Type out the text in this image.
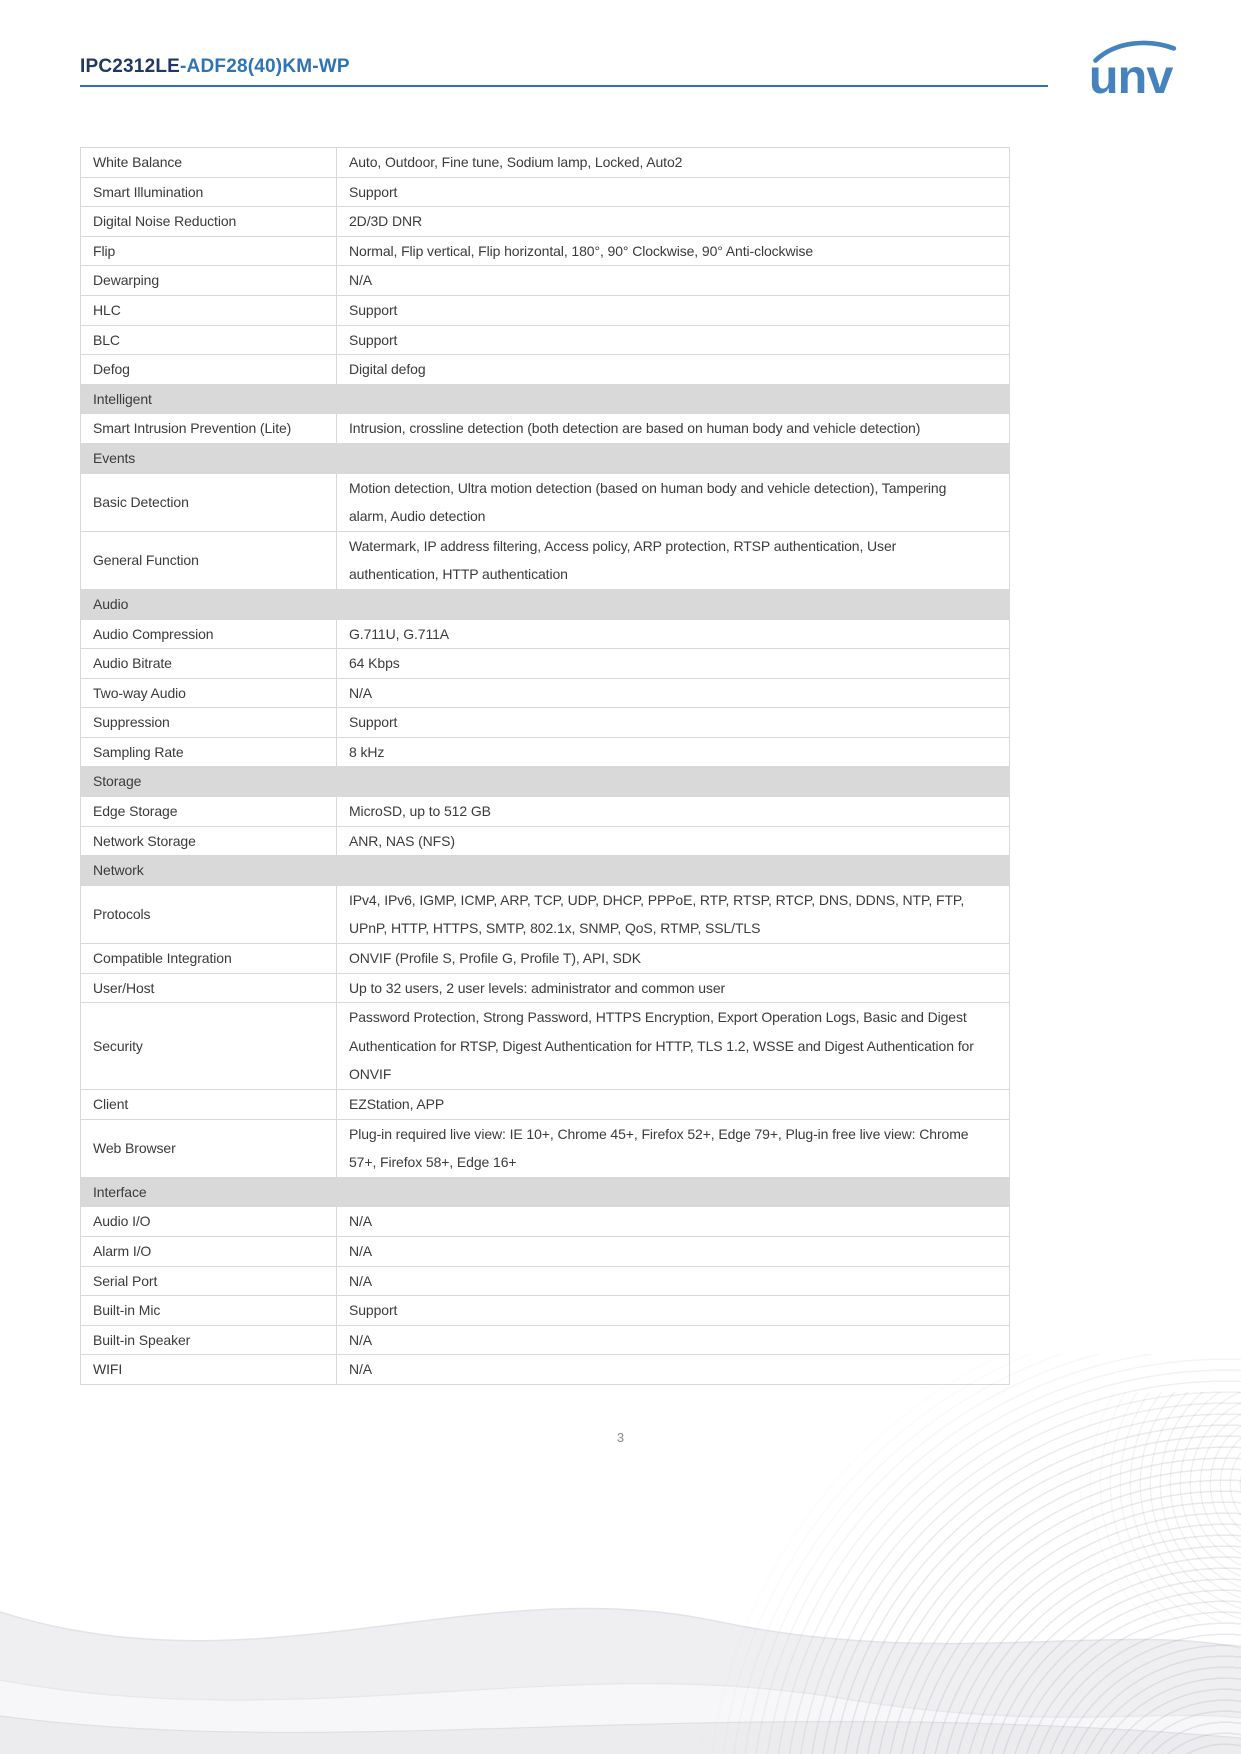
IPC2312LE-ADF28(40)KM-WP	unv
White Balance	Auto, Outdoor, Fine tune, Sodium lamp, Locked, Auto2
Smart Illumination	Support
Digital Noise Reduction	2D/3D DNR
Flip	Normal, Flip vertical, Flip horizontal, 180°, 90° Clockwise, 90° Anti-clockwise
Dewarping	N/A
HLC	Support
BLC	Support
Defog	Digital defog
Intelligent	
Smart Intrusion Prevention (Lite)	Intrusion, crossline detection (both detection are based on human body and vehicle detection)
Events	
Basic Detection	Motion detection, Ultra motion detection (based on human body and vehicle detection), Tampering alarm, Audio detection
General Function	Watermark, IP address filtering, Access policy, ARP protection, RTSP authentication, User authentication, HTTP authentication
Audio	
Audio Compression	G.711U, G.711A
Audio Bitrate	64 Kbps
Two-way Audio	N/A
Suppression	Support
Sampling Rate	8 kHz
Storage	
Edge Storage	MicroSD, up to 512 GB
Network Storage	ANR, NAS (NFS)
Network	
Protocols	IPv4, IPv6, IGMP, ICMP, ARP, TCP, UDP, DHCP, PPPoE, RTP, RTSP, RTCP, DNS, DDNS, NTP, FTP, UPnP, HTTP, HTTPS, SMTP, 802.1x, SNMP, QoS, RTMP, SSL/TLS
Compatible Integration	ONVIF (Profile S, Profile G, Profile T), API, SDK
User/Host	Up to 32 users, 2 user levels: administrator and common user
Security	Password Protection, Strong Password, HTTPS Encryption, Export Operation Logs, Basic and Digest Authentication for RTSP, Digest Authentication for HTTP, TLS 1.2, WSSE and Digest Authentication for ONVIF
Client	EZStation, APP
Web Browser	Plug-in required live view: IE 10+, Chrome 45+, Firefox 52+, Edge 79+, Plug-in free live view: Chrome 57+, Firefox 58+, Edge 16+
Interface	
Audio I/O	N/A
Alarm I/O	N/A
Serial Port	N/A
Built-in Mic	Support
Built-in Speaker	N/A
WIFI	N/A
3
